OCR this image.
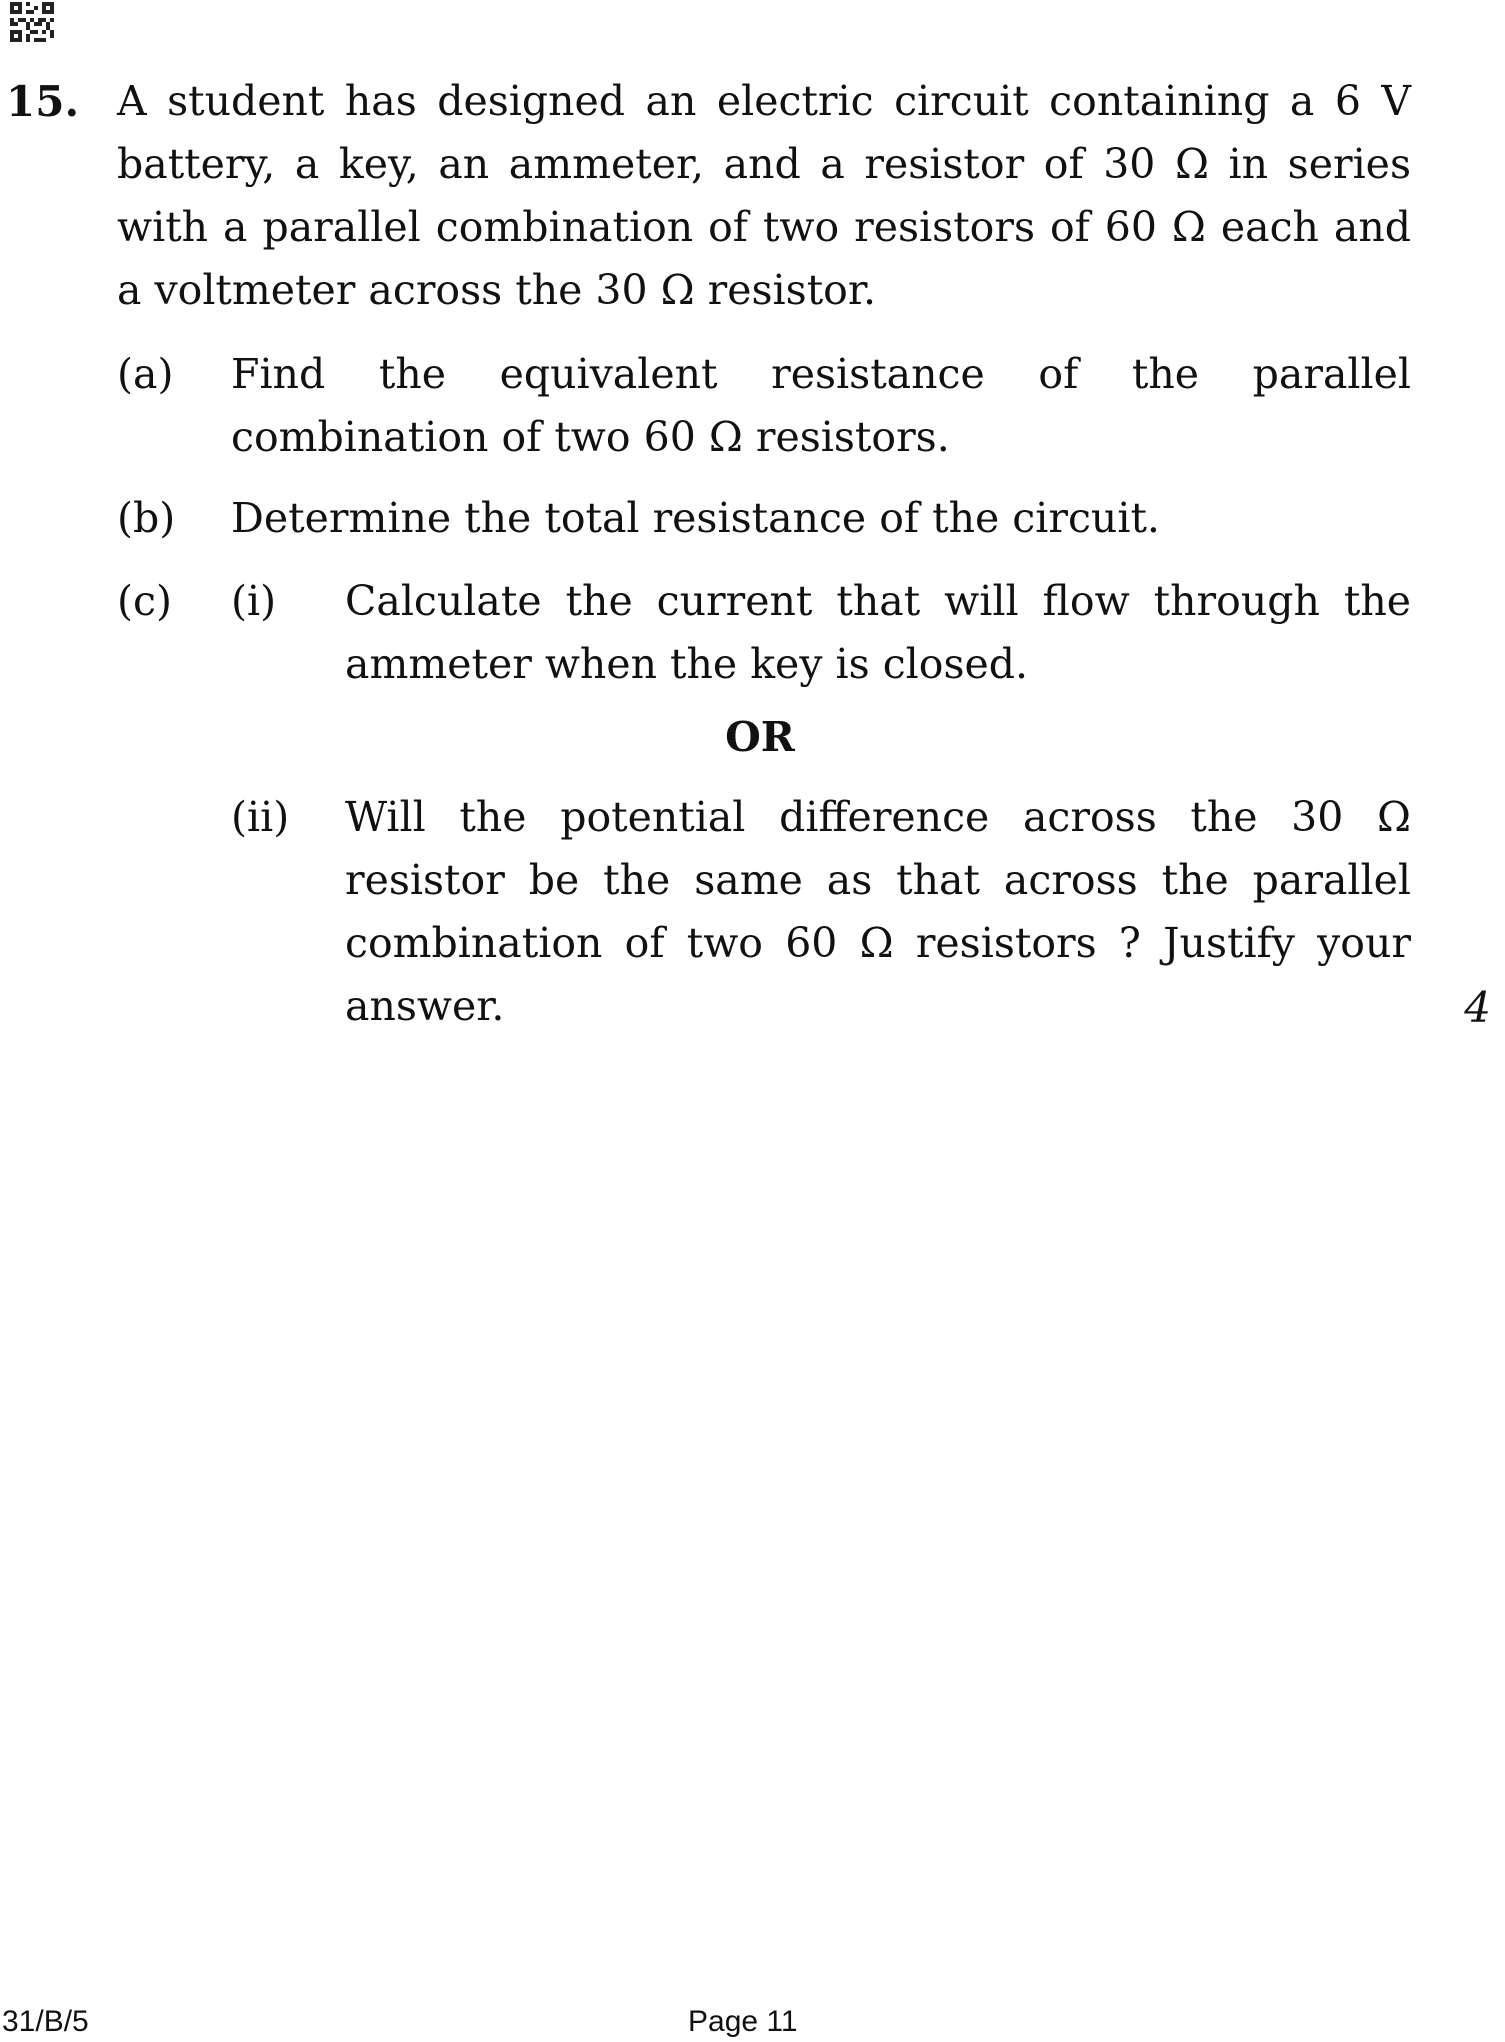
15. A student has designed an electric circuit containing a 6 V battery, a key, an ammeter, and a resistor of 30 Ω in series with a parallel combination of two resistors of 60 Ω each and a voltmeter across the 30 Ω resistor.
(a) Find the equivalent resistance of the parallel combination of two 60 Ω resistors.
(b) Determine the total resistance of the circuit.
(c) (i) Calculate the current that will flow through the ammeter when the key is closed.
OR
(ii) Will the potential difference across the 30 Ω resistor be the same as that across the parallel combination of two 60 Ω resistors ? Justify your answer.	4
31/B/5	Page 11
